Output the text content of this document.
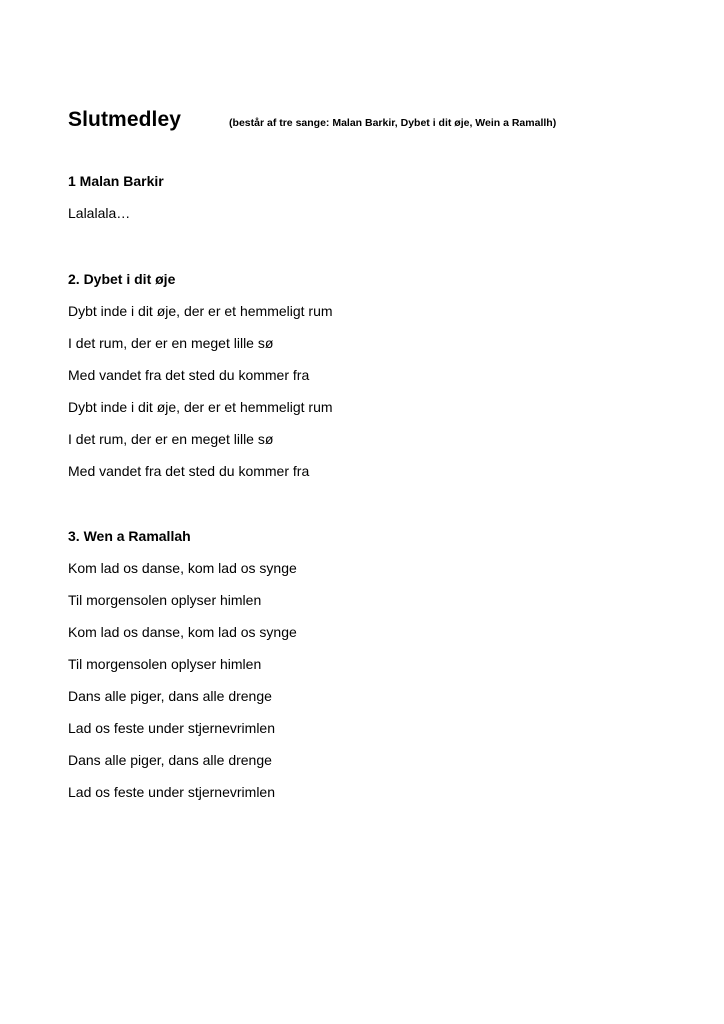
Slutmedley	(består af tre sange: Malan Barkir, Dybet i dit øje, Wein a Ramallh)
1 Malan Barkir
Lalalala…
2. Dybet i dit øje
Dybt inde i dit øje, der er et hemmeligt rum
I det rum, der er en meget lille sø
Med vandet fra det sted du kommer fra
Dybt inde i dit øje, der er et hemmeligt rum
I det rum, der er en meget lille sø
Med vandet fra det sted du kommer fra
3. Wen a Ramallah
Kom lad os danse, kom lad os synge
Til morgensolen oplyser himlen
Kom lad os danse, kom lad os synge
Til morgensolen oplyser himlen
Dans alle piger, dans alle drenge
Lad os feste under stjernevrimlen
Dans alle piger, dans alle drenge
Lad os feste under stjernevrimlen
